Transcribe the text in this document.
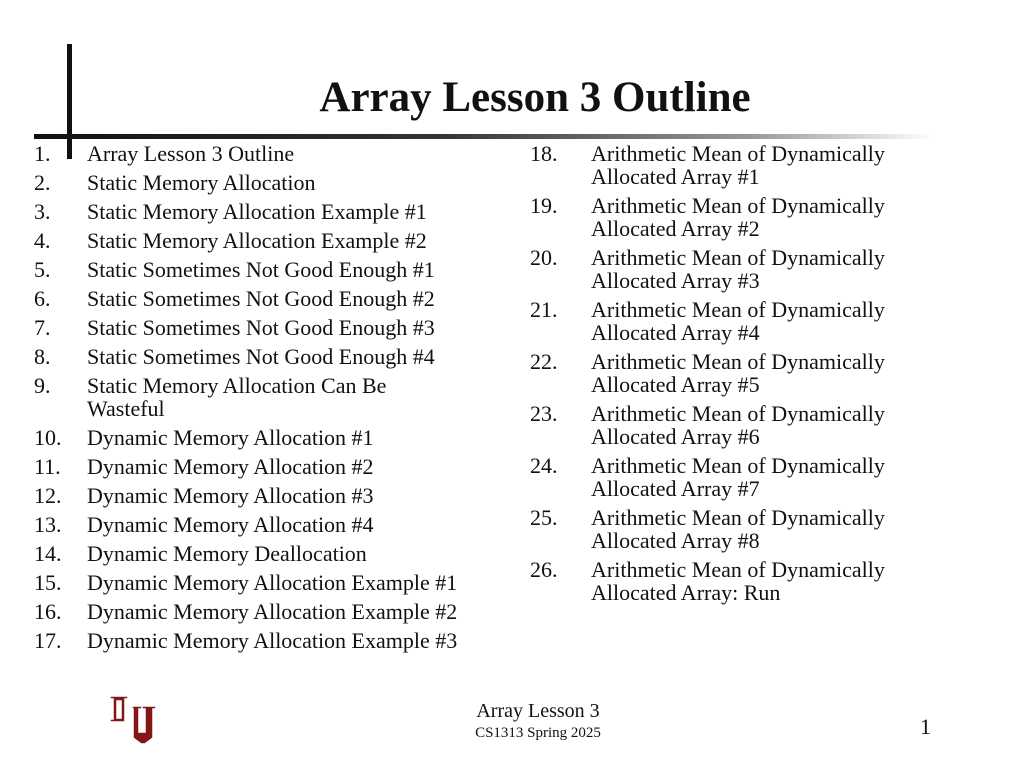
Array Lesson 3 Outline
1.	Array Lesson 3 Outline
2.	Static Memory Allocation
3.	Static Memory Allocation Example #1
4.	Static Memory Allocation Example #2
5.	Static Sometimes Not Good Enough #1
6.	Static Sometimes Not Good Enough #2
7.	Static Sometimes Not Good Enough #3
8.	Static Sometimes Not Good Enough #4
9.	Static Memory Allocation Can Be Wasteful
10.	Dynamic Memory Allocation #1
11.	Dynamic Memory Allocation #2
12.	Dynamic Memory Allocation #3
13.	Dynamic Memory Allocation #4
14.	Dynamic Memory Deallocation
15.	Dynamic Memory Allocation Example #1
16.	Dynamic Memory Allocation Example #2
17.	Dynamic Memory Allocation Example #3
18.	Arithmetic Mean of Dynamically Allocated Array #1
19.	Arithmetic Mean of Dynamically Allocated Array #2
20.	Arithmetic Mean of Dynamically Allocated Array #3
21.	Arithmetic Mean of Dynamically Allocated Array #4
22.	Arithmetic Mean of Dynamically Allocated Array #5
23.	Arithmetic Mean of Dynamically Allocated Array #6
24.	Arithmetic Mean of Dynamically Allocated Array #7
25.	Arithmetic Mean of Dynamically Allocated Array #8
26.	Arithmetic Mean of Dynamically Allocated Array: Run
Array Lesson 3
CS1313 Spring 2025	1
